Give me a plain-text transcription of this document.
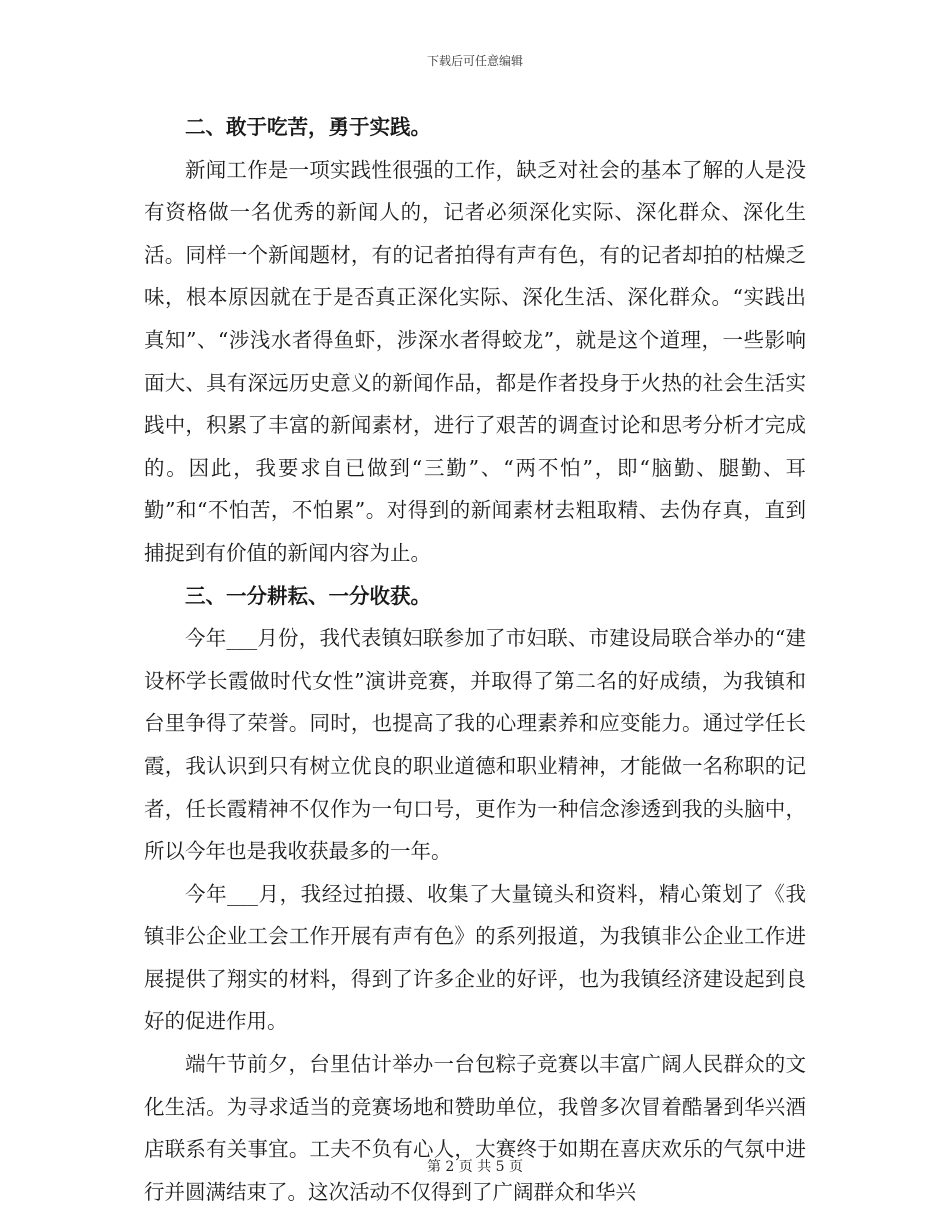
下载后可任意编辑
二、敢于吃苦，勇于实践。

新闻工作是一项实践性很强的工作，缺乏对社会的基本了解的人是没有资格做一名优秀的新闻人的，记者必须深化实际、深化群众、深化生活。同样一个新闻题材，有的记者拍得有声有色，有的记者却拍的枯燥乏味，根本原因就在于是否真正深化实际、深化生活、深化群众。“实践出真知”、“涉浅水者得鱼虾，涉深水者得蛟龙”，就是这个道理，一些影响面大、具有深远历史意义的新闻作品，都是作者投身于火热的社会生活实践中，积累了丰富的新闻素材，进行了艰苦的调查讨论和思考分析才完成的。因此，我要求自已做到“三勤”、“两不怕”，即“脑勤、腿勤、耳勤”和“不怕苦，不怕累”。对得到的新闻素材去粗取精、去伪存真，直到捕捉到有价值的新闻内容为止。

三、一分耕耘、一分收获。

今年___月份，我代表镇妇联参加了市妇联、市建设局联合举办的“建设杯学长霞做时代女性”演讲竞赛，并取得了第二名的好成绩，为我镇和台里争得了荣誉。同时，也提高了我的心理素养和应变能力。通过学任长霞，我认识到只有树立优良的职业道德和职业精神，才能做一名称职的记者，任长霞精神不仅作为一句口号，更作为一种信念渗透到我的头脑中，所以今年也是我收获最多的一年。

今年___月，我经过拍摄、收集了大量镜头和资料，精心策划了《我镇非公企业工会工作开展有声有色》的系列报道，为我镇非公企业工作进展提供了翔实的材料，得到了许多企业的好评，也为我镇经济建设起到良好的促进作用。

端午节前夕，台里估计举办一台包粽子竞赛以丰富广阔人民群众的文化生活。为寻求适当的竞赛场地和赞助单位，我曾多次冒着酷暑到华兴酒店联系有关事宜。工夫不负有心人，大赛终于如期在喜庆欢乐的气氛中进行并圆满结束了。这次活动不仅得到了广阔群众和华兴

第 2 页 共 5 页
